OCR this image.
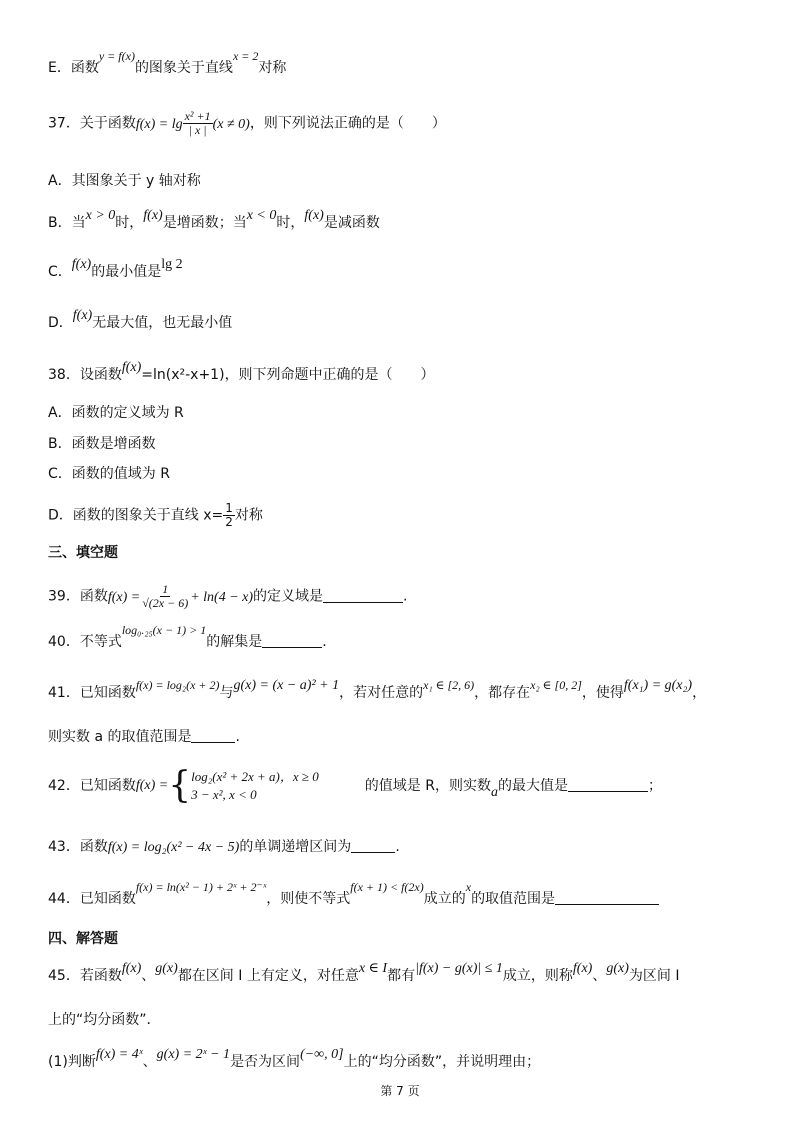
E．函数y = f(x)的图象关于直线x = 2对称
37．关于函数$f(x) = \lg \frac{\text{x² +1}}{| x |} (x \ne 0)$，则下列说法正确的是（　　）
A．其图象关于 y 轴对称
B．当x > 0时，f(x)是增函数；当x < 0时，f(x)是减函数
C．f(x)的最小值是lg 2
D．f(x)无最大值，也无最小值
38．设函数f(x)=ln(x²-x+1)，则下列命题中正确的是（　　）
A．函数的定义域为 R
B．函数是增函数
C．函数的值域为 R
D．函数的图象关于直线 $x= \frac{1}{2}$ 对称
三、填空题
39．函数$f(x) = \frac{1}{√(2x - 6)} + \ln(4 - x)$的定义域是	.
40．不等式log₀.₂₅(x − 1) > 1的解集是	.
41．已知函数f(x) = log₂(x + 2)与g(x) = (x − a)² + 1，若对任意的x₁ ∈ [2, 6)，都存在x₂ ∈ [0, 2]，使得f(x₁) = g(x₂)，
则实数 a 的取值范围是	.
42．已知函数 f(x) = { log₂(x² + 2x + a)，x ≥ 0
3 − x², x < 0
的值域是 R，则实数a的最大值是	；
43．函数f(x) = log₂(x² − 4x − 5)的单调递增区间为	.
44．已知函数f(x) = ln(x² − 1) + 2ˣ + 2⁻ˣ，则使不等式f(x + 1) < f(2x)成立的x的取值范围是
四、解答题
45．若函数f(x)、g(x)都在区间 I 上有定义，对任意x ∈ I都有|f(x) − g(x)| ≤ 1成立，则称f(x)、g(x)为区间 I
上的“均分函数”．
(1)判断f(x) = 4ˣ、g(x) = 2ˣ − 1是否为区间(−∞, 0]上的“均分函数”，并说明理由；
第 7 页
